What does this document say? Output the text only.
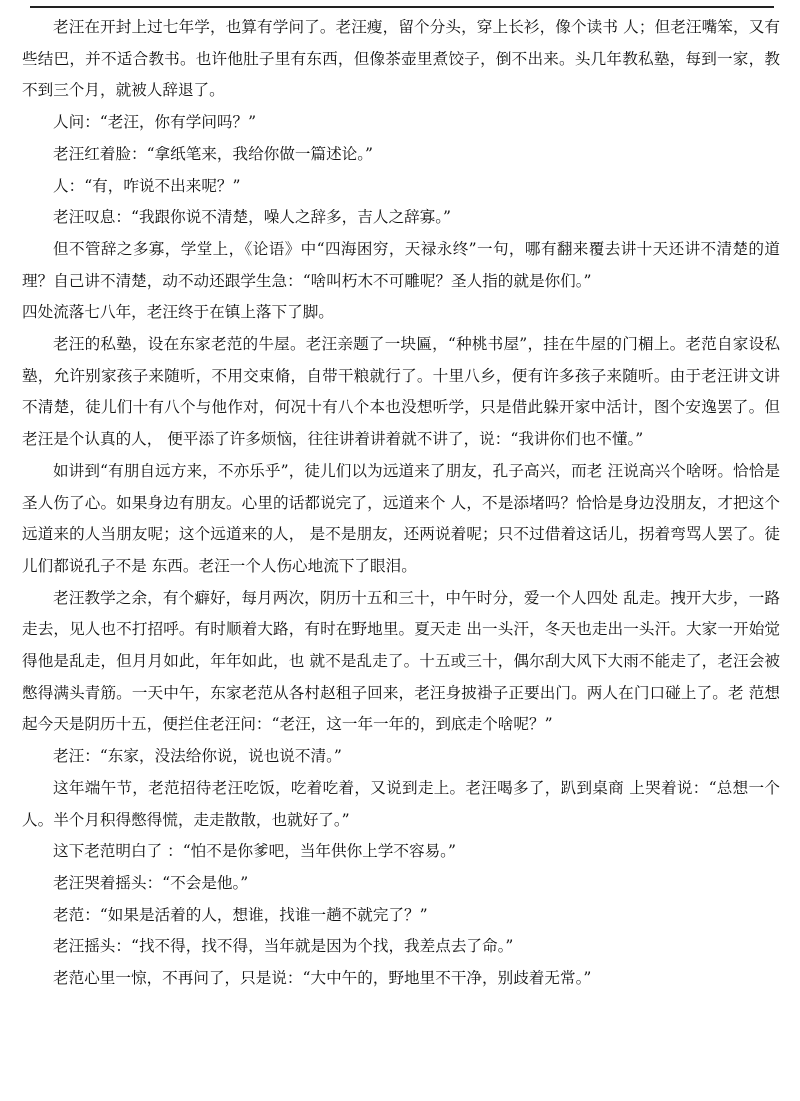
老汪在开封上过七年学，也算有学问了。老汪瘦，留个分头，穿上长衫，像个读书 人；但老汪嘴笨，又有些结巴，并不适合教书。也许他肚子里有东西，但像茶壶里煮饺子，倒不出来。头几年教私塾，每到一家，教不到三个月，就被人辞退了。

人问：“老汪，你有学问吗？”

老汪红着脸：“拿纸笔来，我给你做一篇述论。”

人：“有，咋说不出来呢？”

老汪叹息：“我跟你说不清楚，噪人之辞多，吉人之辞寡。”

但不管辞之多寡，学堂上，《论语》中“四海困穷，天禄永终”一句，哪有翻来覆去讲十天还讲不清楚的道理？自己讲不清楚，动不动还跟学生急：“啥叫朽木不可雕呢？圣人指的就是你们。”

四处流落七八年，老汪终于在镇上落下了脚。

老汪的私塾，设在东家老范的牛屋。老汪亲题了一块匾，“种桃书屋”，挂在牛屋的门楣上。老范自家设私塾，允许别家孩子来随听，不用交束脩，自带干粮就行了。十里八乡，便有许多孩子来随听。由于老汪讲文讲不清楚，徒儿们十有八个与他作对，何况十有八个本也没想听学，只是借此躲开家中活计，图个安逸罢了。但老汪是个认真的人， 便平添了许多烦恼，往往讲着讲着就不讲了，说：“我讲你们也不懂。”

如讲到“有朋自远方来，不亦乐乎”，徒儿们以为远道来了朋友，孔子高兴，而老 汪说高兴个啥呀。恰恰是圣人伤了心。如果身边有朋友。心里的话都说完了，远道来个 人，不是添堵吗？恰恰是身边没朋友，才把这个远道来的人当朋友呢；这个远道来的人， 是不是朋友，还两说着呢；只不过借着这话儿，拐着弯骂人罢了。徒儿们都说孔子不是 东西。老汪一个人伤心地流下了眼泪。

老汪教学之余，有个癖好，每月两次，阴历十五和三十，中午时分，爱一个人四处 乱走。拽开大步，一路走去，见人也不打招呼。有时顺着大路，有时在野地里。夏天走 出一头汗，冬天也走出一头汗。大家一开始觉得他是乱走，但月月如此，年年如此，也 就不是乱走了。十五或三十，偶尔刮大风下大雨不能走了，老汪会被憋得满头青筋。一天中午，东家老范从各村赵租子回来，老汪身披褂子正要出门。两人在门口碰上了。老 范想起今天是阴历十五，便拦住老汪问：“老汪，这一年一年的，到底走个啥呢？”

老汪：“东家，没法给你说，说也说不清。”

这年端午节，老范招待老汪吃饭，吃着吃着，又说到走上。老汪喝多了，趴到桌商 上哭着说：“总想一个人。半个月积得憋得慌，走走散散，也就好了。”

这下老范明白了 ：“怕不是你爹吧，当年供你上学不容易。”

老汪哭着摇头：“不会是他。”

老范：“如果是活着的人，想谁，找谁一趟不就完了？”

老汪摇头：“找不得，找不得，当年就是因为个找，我差点去了命。”

老范心里一惊，不再问了，只是说：“大中午的，野地里不干净，别歧着无常。”
